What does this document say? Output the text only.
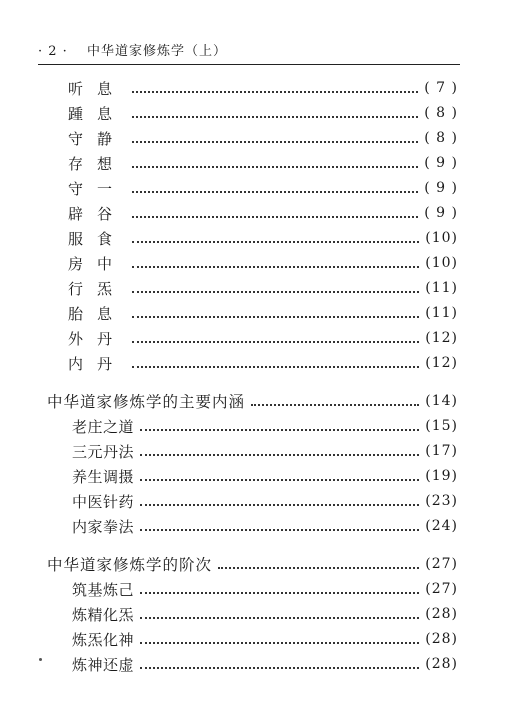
· 2 · 中华道家修炼学（上）
听息	( 7 )
踵息	( 8 )
守静	( 8 )
存想	( 9 )
守一	( 9 )
辟谷	( 9 )
服食	(10)
房中	(10)
行炁	(11)
胎息	(11)
外丹	(12)
内丹	(12)
中华道家修炼学的主要内涵	(14)
老庄之道	(15)
三元丹法	(17)
养生调摄	(19)
中医针药	(23)
内家拳法	(24)
中华道家修炼学的阶次	(27)
筑基炼己	(27)
炼精化炁	(28)
炼炁化神	(28)
炼神还虚	(28)
